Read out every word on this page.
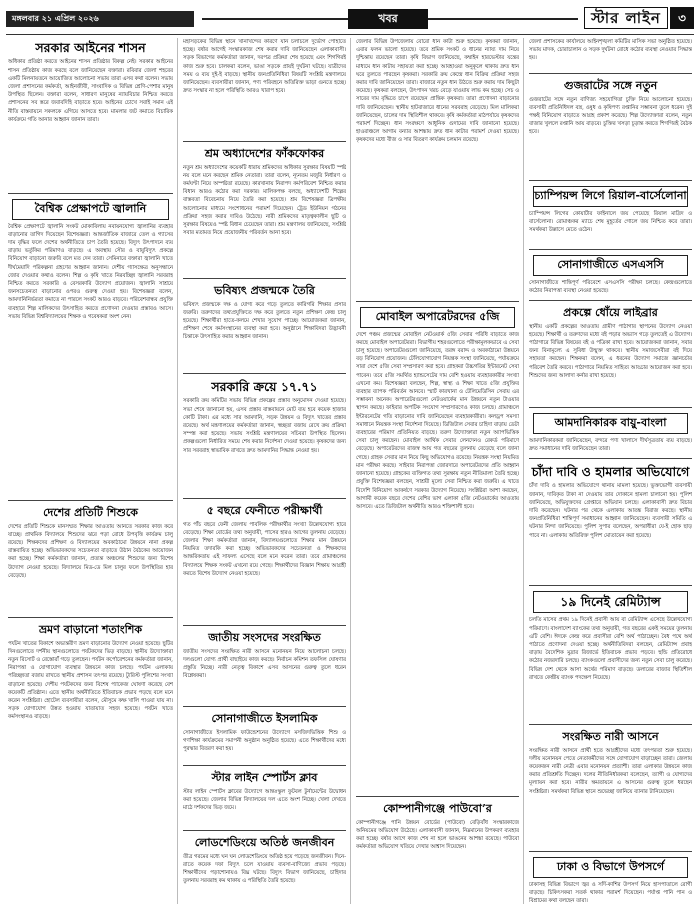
মঙ্গলবার ২১ এপ্রিল ২০২৬	খবর	স্টার লাইন	৩
সরকার আইনের শাসন
অধিকার প্রতিষ্ঠা করতে আইনের শাসন প্রতিষ্ঠার বিকল্প নেই। সরকার আইনের শাসন প্রতিষ্ঠায় কাজ করছে বলে জানিয়েছেন বক্তারা। রবিবার জেলা শহরের একটি মিলনায়তনে আয়োজিত আলোচনা সভায় তারা এসব কথা বলেন। সভায় জেলা প্রশাসনের কর্মকর্তা, আইনজীবী, সাংবাদিক ও বিভিন্ন শ্রেণি-পেশার মানুষ উপস্থিত ছিলেন। বক্তারা বলেন, সাধারণ মানুষের ন্যায়বিচার নিশ্চিত করতে প্রশাসনের সব স্তরে জবাবদিহি বাড়াতে হবে। আইনের চোখে সবাই সমান এই নীতি বাস্তবায়নে সকলকে এগিয়ে আসতে হবে। মামলার জট কমাতে বিচারিক কার্যক্রমে গতি আনার আহ্বান জানান তারা।
বৈশ্বিক প্রেক্ষাপটে জ্বালানি
বৈশ্বিক প্রেক্ষাপটে জ্বালানি সংকট মোকাবিলায় নবায়নযোগ্য জ্বালানির ব্যবহার বাড়ানোর তাগিদ দিয়েছেন বিশেষজ্ঞরা। আন্তর্জাতিক বাজারে তেল ও গ্যাসের দাম বৃদ্ধির ফলে দেশের অর্থনীতিতে চাপ তৈরি হয়েছে। বিদ্যুৎ উৎপাদনে ব্যয় বাড়ায় ভর্তুকির পরিমাণও বাড়ছে। এ অবস্থায় সৌর ও বায়ুবিদ্যুৎ প্রকল্পে বিনিয়োগ বাড়ানো জরুরি বলে মত দেন তারা। সেমিনারে বক্তারা জ্বালানি খাতে দীর্ঘমেয়াদি পরিকল্পনা গ্রহণের আহ্বান জানান। দেশীয় গ্যাসক্ষেত্র অনুসন্ধানে জোর দেওয়ার কথাও বলেন। শিল্প ও কৃষি খাতে নিরবচ্ছিন্ন জ্বালানি সরবরাহ নিশ্চিত করতে সরকারি ও বেসরকারি উদ্যোগ প্রয়োজন। জ্বালানি সাশ্রয়ে জনসচেতনতা বাড়ানোর ওপরও গুরুত্ব দেওয়া হয়। বিশেষজ্ঞরা বলেন, আমদানিনির্ভরতা কমাতে না পারলে সংকট আরও বাড়বে। পরিবেশবান্ধব প্রযুক্তি ব্যবহারে শিল্প মালিকদের উৎসাহিত করতে প্রণোদনা দেওয়ার প্রস্তাবও আসে। সভায় বিভিন্ন বিশ্ববিদ্যালয়ের শিক্ষক ও গবেষকরা অংশ নেন।
দেশের প্রতিটি শিশুকে
দেশের প্রতিটি শিশুকে মানসম্মত শিক্ষার আওতায় আনতে সরকার কাজ করে যাচ্ছে। প্রাথমিক বিদ্যালয়ে শিশুদের ঝরে পড়া রোধে উপবৃত্তি কার্যক্রম চালু রয়েছে। শিক্ষকদের প্রশিক্ষণ ও বিদ্যালয়ের অবকাঠামো উন্নয়নে নানা প্রকল্প বাস্তবায়িত হচ্ছে। অভিভাবকদের সচেতনতা বাড়াতে উঠান বৈঠকের আয়োজন করা হচ্ছে। শিক্ষা কর্মকর্তারা জানান, প্রত্যন্ত অঞ্চলের শিশুদের জন্য বিশেষ উদ্যোগ নেওয়া হয়েছে। বিদ্যালয়ে মিড-ডে মিল চালুর ফলে উপস্থিতির হার বেড়েছে।
ভ্রমণ বাড়ানো শতাংশিক
পর্যটন খাতের বিকাশে অভ্যন্তরীণ ভ্রমণ বাড়ানোর উদ্যোগ নেওয়া হয়েছে। ছুটির দিনগুলোতে দর্শনীয় স্থানগুলোতে পর্যটকদের ভিড় বাড়ছে। স্থানীয় উদ্যোক্তারা নতুন রিসোর্ট ও রেস্তোরাঁ গড়ে তুলছেন। পর্যটন কর্পোরেশনের কর্মকর্তারা জানান, নিরাপত্তা ও যোগাযোগ ব্যবস্থার উন্নয়নে কাজ চলছে। পর্যটন এলাকায় পরিচ্ছন্নতা বজায় রাখতে স্থানীয় প্রশাসন তৎপর রয়েছে। ট্যুরিস্ট পুলিশের সংখ্যা বাড়ানো হয়েছে। দেশীয় পর্যটকদের জন্য বিশেষ প্যাকেজ ঘোষণা করেছে বেশ কয়েকটি প্রতিষ্ঠান। এতে স্থানীয় অর্থনীতিতে ইতিবাচক প্রভাব পড়ছে বলে মনে করেন সংশ্লিষ্টরা। হোটেল ব্যবসায়ীরা বলেন, মৌসুমে কক্ষ খালি পাওয়া যায় না। সড়ক যোগাযোগ উন্নত হওয়ায় যাতায়াত সহজ হয়েছে। পর্যটন খাতে কর্মসংস্থানও বাড়ছে।
মহাসড়কের বিভিন্ন স্থানে খানাখন্দের কারণে যান চলাচলে দুর্ভোগ পোহাতে হচ্ছে। বর্ষার আগেই সংস্কারকাজ শেষ করার দাবি জানিয়েছেন এলাকাবাসী। সড়ক বিভাগের কর্মকর্তারা জানান, দরপত্র প্রক্রিয়া শেষ হয়েছে এবং শিগগিরই কাজ শুরু হবে। চালকরা বলেন, ভাঙা সড়কে প্রায়ই দুর্ঘটনা ঘটছে। যাত্রীদের সময় ও ব্যয় দুই-ই বাড়ছে। স্থানীয় জনপ্রতিনিধিরা বিষয়টি সংশ্লিষ্ট মন্ত্রণালয়ে জানিয়েছেন। ব্যবসায়ীরা জানান, পণ্য পরিবহনে অতিরিক্ত ভাড়া গুনতে হচ্ছে। দ্রুত সংস্কার না হলে পরিস্থিতি আরও খারাপ হবে।
শ্রম অধ্যাদেশের ফাঁকফোকর
নতুন শ্রম অধ্যাদেশের কয়েকটি ধারায় শ্রমিকদের অধিকার সুরক্ষার বিষয়টি স্পষ্ট নয় বলে মনে করছেন শ্রমিক নেতারা। তারা বলেন, ন্যূনতম মজুরি নির্ধারণ ও কর্মঘণ্টা নিয়ে অস্পষ্টতা রয়েছে। কারখানায় নিরাপদ কর্মপরিবেশ নিশ্চিত করার বিধান আরও কঠোর করা দরকার। মালিকপক্ষ বলছে, অধ্যাদেশটি শিল্পের বাস্তবতা বিবেচনায় নিয়ে তৈরি করা হয়েছে। শ্রম বিশেষজ্ঞরা ত্রিপক্ষীয় আলোচনার মাধ্যমে সংশোধনের পরামর্শ দিয়েছেন। ট্রেড ইউনিয়ন গঠনের প্রক্রিয়া সহজ করার দাবিও উঠেছে। নারী শ্রমিকদের মাতৃত্বকালীন ছুটি ও সুরক্ষার বিষয়েও স্পষ্ট বিধান চেয়েছেন তারা। শ্রম মন্ত্রণালয় জানিয়েছে, সংশ্লিষ্ট সবার মতামত নিয়ে প্রয়োজনীয় পরিবর্তন আনা হবে।
ভবিষ্যৎ প্রজন্মকে তৈরি
ভবিষ্যৎ প্রজন্মকে দক্ষ ও যোগ্য করে গড়ে তুলতে কারিগরি শিক্ষার প্রসার জরুরি। তরুণদের তথ্যপ্রযুক্তিতে দক্ষ করে তুলতে নতুন প্রশিক্ষণ কেন্দ্র চালু হয়েছে। শিক্ষার্থীরা হাতে-কলমে শেখার সুযোগ পাচ্ছে। আয়োজকরা জানান, প্রশিক্ষণ শেষে কর্মসংস্থানের ব্যবস্থা করা হবে। অনুষ্ঠানে শিক্ষাবিদরা উদ্ভাবনী চিন্তাকে উৎসাহিত করার আহ্বান জানান।
সরকারি ক্রয়ে ১৭.৭১
সরকারি ক্রয় কমিটির সভায় বিভিন্ন প্রকল্পের প্রস্তাব অনুমোদন দেওয়া হয়েছে। সভা শেষে জানানো হয়, এসব প্রস্তাব বাস্তবায়নে মোট ব্যয় হবে কয়েক হাজার কোটি টাকা। এর মধ্যে সার আমদানি, সড়ক উন্নয়ন ও বিদ্যুৎ খাতের প্রস্তাব রয়েছে। অর্থ মন্ত্রণালয়ের কর্মকর্তারা জানান, স্বচ্ছতা বজায় রেখে ক্রয় প্রক্রিয়া সম্পন্ন করা হয়েছে। সভায় সংশ্লিষ্ট মন্ত্রণালয়ের সচিবরা উপস্থিত ছিলেন। প্রকল্পগুলো নির্ধারিত সময়ে শেষ করার নির্দেশনা দেওয়া হয়েছে। কৃষকদের জন্য সার সরবরাহ স্বাভাবিক রাখতে দ্রুত আমদানির সিদ্ধান্ত নেওয়া হয়।
৫ বছরে ফেনীতে পরীক্ষার্থী
গত পাঁচ বছরে ফেনী জেলায় পাবলিক পরীক্ষার্থীর সংখ্যা উল্লেখযোগ্য হারে বেড়েছে। শিক্ষা বোর্ডের তথ্য অনুযায়ী, পাসের হারও আগের তুলনায় বেড়েছে। জেলার শিক্ষা কর্মকর্তারা জানান, বিদ্যালয়গুলোতে শিক্ষার মান উন্নয়নে নিয়মিত তদারকি করা হচ্ছে। অভিভাবকদের সচেতনতা ও শিক্ষকদের আন্তরিকতায় এই সাফল্য এসেছে বলে মনে করেন তারা। তবে গ্রামাঞ্চলের বিদ্যালয়ে শিক্ষক সংকট এখনো রয়ে গেছে। শিক্ষার্থীদের বিজ্ঞান শিক্ষায় আগ্রহী করতে বিশেষ উদ্যোগ নেওয়া হয়েছে।
জাতীয় সংসদের সংরক্ষিত
জাতীয় সংসদের সংরক্ষিত নারী আসনে মনোনয়ন নিয়ে আলোচনা চলছে। দলগুলো যোগ্য প্রার্থী বাছাইয়ে কাজ করছে। নির্বাচন কমিশন তফসিল ঘোষণার প্রস্তুতি নিচ্ছে। নারী নেতৃত্ব বিকাশে এসব আসনের গুরুত্ব তুলে ধরেন বিশ্লেষকরা।
সোনাগাজীতে ইসলামিক
সোনাগাজীতে ইসলামিক ফাউন্ডেশনের উদ্যোগে মসজিদভিত্তিক শিশু ও গণশিক্ষা কার্যক্রমের সমাপনী অনুষ্ঠান অনুষ্ঠিত হয়েছে। এতে শিক্ষার্থীদের মধ্যে পুরস্কার বিতরণ করা হয়।
স্টার লাইন স্পোর্টস ক্লাব
স্টার লাইন স্পোর্টস ক্লাবের উদ্যোগে আন্তঃস্কুল ফুটবল টুর্নামেন্টের উদ্বোধন করা হয়েছে। জেলার বিভিন্ন বিদ্যালয়ের দল এতে অংশ নিচ্ছে। খেলা দেখতে মাঠে দর্শকদের ভিড় জমে।
লোডশেডিংয়ে অতিষ্ঠ জনজীবন
তীব্র গরমের মধ্যে ঘন ঘন লোডশেডিংয়ে অতিষ্ঠ হয়ে পড়েছে জনজীবন। দিনে-রাতে কয়েক দফা বিদ্যুৎ চলে যাওয়ায় ব্যবসা-বাণিজ্যে প্রভাব পড়ছে। শিক্ষার্থীদের পড়াশোনায়ও বিঘ্ন ঘটছে। বিদ্যুৎ বিভাগ জানিয়েছে, চাহিদার তুলনায় সরবরাহ কম থাকায় এ পরিস্থিতি তৈরি হয়েছে।
জেলার বিভিন্ন উপজেলায় বোরো ধান কাটা শুরু হয়েছে। কৃষকরা জানান, এবার ফলন ভালো হয়েছে। তবে শ্রমিক সংকট ও ধানের ন্যায্য দাম নিয়ে দুশ্চিন্তায় রয়েছেন তারা। কৃষি বিভাগ জানিয়েছে, কম্বাইন হারভেস্টার যন্ত্রের মাধ্যমে ধান কাটায় সহায়তা করা হচ্ছে। আবহাওয়া অনুকূলে থাকায় দ্রুত ধান ঘরে তুলতে পারছেন কৃষকরা। সরকারি ক্রয় কেন্দ্রে ধান বিক্রির প্রক্রিয়া সহজ করার দাবি জানিয়েছেন তারা। বাজারে নতুন ধান উঠতে শুরু করায় দাম কিছুটা কমেছে। কৃষকরা বলছেন, উৎপাদন খরচ বেড়ে যাওয়ায় লাভ কম হচ্ছে। সেচ ও সারের দাম বৃদ্ধিতে চাপে রয়েছেন প্রান্তিক কৃষকরা। তারা প্রণোদনা বাড়ানোর দাবি জানিয়েছেন। স্থানীয় হাটবাজারে ধানের সরবরাহ বেড়েছে। মিল মালিকরা জানিয়েছেন, চালের দাম স্থিতিশীল থাকবে। কৃষি কর্মকর্তারা মাঠপর্যায়ে কৃষকদের পরামর্শ দিচ্ছেন। ধান সংরক্ষণে আধুনিক গুদামের দাবি জানানো হয়েছে। হাওরাঞ্চলে আগাম বন্যার আশঙ্কায় দ্রুত ধান কাটার পরামর্শ দেওয়া হয়েছে। কৃষকদের মধ্যে বীজ ও সার বিতরণ কার্যক্রম চলমান রয়েছে।
মোবাইল অপারেটরদের ৫জি
দেশে পঞ্চম প্রজন্মের মোবাইল নেটওয়ার্ক ৫জি সেবার পরিধি বাড়াতে কাজ করছে মোবাইল অপারেটররা। বিভাগীয় শহরগুলোতে পরীক্ষামূলকভাবে এ সেবা চালু হয়েছে। অপারেটরগুলো জানিয়েছে, তরঙ্গ বরাদ্দ ও অবকাঠামো উন্নয়নে বড় বিনিয়োগ প্রয়োজন। টেলিযোগাযোগ নিয়ন্ত্রক সংস্থা জানিয়েছে, পর্যায়ক্রমে সারা দেশে ৫জি সেবা সম্প্রসারণ করা হবে। গ্রাহকরা উচ্চগতির ইন্টারনেট সেবা পাবেন। তবে ৫জি সমর্থিত হ্যান্ডসেটের দাম বেশি হওয়ায় ব্যবহারকারীর সংখ্যা এখনো কম। বিশেষজ্ঞরা বলছেন, শিল্প, স্বাস্থ্য ও শিক্ষা খাতে ৫জি প্রযুক্তির ব্যবহার ব্যাপক পরিবর্তন আনবে। স্মার্ট কারখানা ও টেলিমেডিসিন সেবায় এর সম্ভাবনা অনেক। অপারেটরগুলো নেটওয়ার্কের মান উন্নয়নে নতুন টাওয়ার স্থাপন করছে। ফাইবার অপটিক সংযোগ সম্প্রসারণেও কাজ চলছে। গ্রামাঞ্চলে ইন্টারনেটের গতি বাড়ানোর দাবি জানিয়েছেন ব্যবহারকারীরা। কলড্রপ সমস্যা সমাধানে নিয়ন্ত্রক সংস্থা নির্দেশনা দিয়েছে। ডিজিটাল সেবার চাহিদা বাড়ায় ডেটা ব্যবহারের পরিমাণ প্রতিনিয়ত বাড়ছে। তরুণ উদ্যোক্তারা নতুন অ্যাপভিত্তিক সেবা চালু করছেন। মোবাইল আর্থিক সেবার লেনদেনও রেকর্ড পরিমাণে বেড়েছে। অপারেটরদের রাজস্ব আয় গত বছরের তুলনায় বেড়েছে বলে জানা গেছে। গ্রাহক সেবার মান নিয়ে কিছু অভিযোগও রয়েছে। নিয়ন্ত্রক সংস্থা নিয়মিত মান পরীক্ষা করছে। সাইবার নিরাপত্তা জোরদারে অপারেটরদের প্রতি আহ্বান জানানো হয়েছে। গ্রাহকের ব্যক্তিগত তথ্য সুরক্ষায় নতুন নীতিমালা তৈরি হচ্ছে। প্রযুক্তি বিশেষজ্ঞরা বলছেন, সাশ্রয়ী মূল্যে সেবা নিশ্চিত করা জরুরি। এ খাতে বিদেশি বিনিয়োগ আকর্ষণে সরকার উদ্যোগ নিয়েছে। সংশ্লিষ্টরা আশা করছেন, আগামী কয়েক বছরে দেশের বেশির ভাগ এলাকা ৫জি নেটওয়ার্কের আওতায় আসবে। এতে ডিজিটাল অর্থনীতি আরও শক্তিশালী হবে।
কোম্পানীগঞ্জে পাউবো’র
কোম্পানীগঞ্জে পানি উন্নয়ন বোর্ডের (পাউবো) বেড়িবাঁধ সংস্কারকাজে অনিয়মের অভিযোগ উঠেছে। এলাকাবাসী জানান, নিম্নমানের উপকরণ ব্যবহার করা হচ্ছে। বর্ষার আগে কাজ শেষ না হলে ভাঙনের আশঙ্কা রয়েছে। পাউবো কর্মকর্তারা অভিযোগ খতিয়ে দেখার আশ্বাস দিয়েছেন।
জেলা প্রশাসকের কার্যালয়ে আইনশৃঙ্খলা কমিটির মাসিক সভা অনুষ্ঠিত হয়েছে। সভায় মাদক, চোরাচালান ও সড়ক দুর্ঘটনা রোধে কঠোর ব্যবস্থা নেওয়ার সিদ্ধান্ত হয়।
গুজরাটের সঙ্গে নতুন
গুজরাটের সঙ্গে নতুন বাণিজ্য সহযোগিতা চুক্তি নিয়ে আলোচনা হয়েছে। ব্যবসায়ী প্রতিনিধিদল বস্ত্র, ওষুধ ও কৃষিপণ্য রপ্তানির সম্ভাবনা তুলে ধরেন। দুই পক্ষই বিনিয়োগ বাড়াতে আগ্রহ প্রকাশ করেছে। শিল্প উদ্যোক্তারা বলেন, নতুন বাজার খুললে রপ্তানি আয় বাড়বে। চুক্তির খসড়া চূড়ান্ত করতে শিগগিরই বৈঠক হবে।
চ্যাম্পিয়ন্স লিগে রিয়াল-বার্সেলোনা
চ্যাম্পিয়ন্স লিগের কোয়ার্টার ফাইনালে জয় পেয়েছে রিয়াল মাদ্রিদ ও বার্সেলোনা। রোমাঞ্চকর ম্যাচে শেষ মুহূর্তের গোলে জয় নিশ্চিত করে তারা। সমর্থকরা উল্লাসে মেতে ওঠেন।
সোনাগাজীতে এসএসসি
সোনাগাজীতে শান্তিপূর্ণ পরিবেশে এসএসসি পরীক্ষা চলছে। কেন্দ্রগুলোতে কঠোর নিরাপত্তা ব্যবস্থা নেওয়া হয়েছে।
প্রকল্পে ধোঁয়ে লাইব্রার
স্থানীয় একটি প্রকল্পের আওতায় গ্রামীণ পাঠাগার স্থাপনের উদ্যোগ নেওয়া হয়েছে। শিক্ষার্থী ও তরুণদের মধ্যে বই পড়ার অভ্যাস গড়ে তুলতেই এ উদ্যোগ। পাঠাগারে বিভিন্ন বিষয়ের বই ও পত্রিকা রাখা হবে। আয়োজকরা জানান, সবার জন্য বিনামূল্যে এ সুবিধা উন্মুক্ত থাকবে। স্থানীয় সমাজসেবীরা বই দিয়ে সহায়তা করছেন। শিক্ষকরা বলেন, এ ধরনের উদ্যোগ সমাজে জ্ঞানচর্চার পরিবেশ তৈরি করবে। পাঠাগারে নিয়মিত সাহিত্য আড্ডার আয়োজন করা হবে। শিশুদের জন্য আলাদা কর্নার রাখা হয়েছে।
আমদানিকারক বায়ু-বাংলা
আমদানিকারকরা জানিয়েছেন, বন্দরে পণ্য খালাসে দীর্ঘসূত্রতায় ব্যয় বাড়ছে। দ্রুত সমাধানের দাবি জানিয়েছেন তারা।
চাঁদা দাবি ও হামলার অভিযোগে
চাঁদা দাবি ও হামলার অভিযোগে থানায় মামলা হয়েছে। ভুক্তভোগী ব্যবসায়ী জানান, দাবিকৃত টাকা না দেওয়ায় তার দোকানে হামলা চালানো হয়। পুলিশ জানিয়েছে, অভিযুক্তদের গ্রেপ্তারে অভিযান চলছে। এলাকাবাসী দ্রুত বিচার দাবি করেছেন। ঘটনার পর থেকে এলাকায় আতঙ্ক বিরাজ করছে। স্থানীয় জনপ্রতিনিধিরা শান্তিপূর্ণ সমাধানের আহ্বান জানিয়েছেন। ব্যবসায়ী সমিতি এ ঘটনার নিন্দা জানিয়েছে। পুলিশ সুপার বলেছেন, অপরাধীরা যে-ই হোক ছাড় পাবে না। এলাকায় অতিরিক্ত পুলিশ মোতায়েন করা হয়েছে।
১৯ দিনেই রেমিট্যান্স
চলতি মাসের প্রথম ১৯ দিনেই প্রবাসী আয় বা রেমিট্যান্স এসেছে উল্লেখযোগ্য পরিমাণে। বাংলাদেশ ব্যাংকের তথ্য অনুযায়ী, গত বছরের একই সময়ের তুলনায় এটি বেশি। ঈদকে কেন্দ্র করে প্রবাসীরা বেশি অর্থ পাঠাচ্ছেন। বৈধ পথে অর্থ পাঠাতে প্রণোদনা দেওয়া হচ্ছে। অর্থনীতিবিদরা বলছেন, রেমিট্যান্স প্রবাহ বাড়ায় বৈদেশিক মুদ্রার রিজার্ভে ইতিবাচক প্রভাব পড়বে। হুন্ডি প্রতিরোধে কঠোর নজরদারি চলছে। ব্যাংকগুলো প্রবাসীদের জন্য নতুন সেবা চালু করেছে। বিভিন্ন দেশ থেকে আসা অর্থের পরিমাণ বাড়ছে। ডলারের বাজার স্থিতিশীল রাখতে কেন্দ্রীয় ব্যাংক পদক্ষেপ নিয়েছে।
সংরক্ষিত নারী আসনে
সংরক্ষিত নারী আসনে প্রার্থী হতে আগ্রহীদের মধ্যে তৎপরতা শুরু হয়েছে। দলীয় মনোনয়ন পেতে নেতাকর্মীদের সঙ্গে যোগাযোগ বাড়াচ্ছেন তারা। জেলায় কয়েকজন নারী নেত্রী এবার মনোনয়ন প্রত্যাশী। তারা এলাকার উন্নয়নে কাজ করার প্রতিশ্রুতি দিচ্ছেন। দলের নীতিনির্ধারকরা বলেছেন, ত্যাগী ও যোগ্যদের মূল্যায়ন করা হবে। নারীর ক্ষমতায়নে এ আসনের গুরুত্ব তুলে ধরছেন সংশ্লিষ্টরা। সমর্থকরা বিভিন্ন স্থানে শুভেচ্ছা জানিয়ে ব্যানার টানিয়েছেন।
ঢাকা ও বিভাগে উপসর্গে
ঢাকাসহ বিভিন্ন বিভাগে জ্বর ও সর্দি-কাশির উপসর্গ নিয়ে হাসপাতালে রোগী বাড়ছে। চিকিৎসকরা সতর্ক থাকার পরামর্শ দিয়েছেন। পর্যাপ্ত পানি পান ও বিশ্রামের কথা বলছেন তারা।
